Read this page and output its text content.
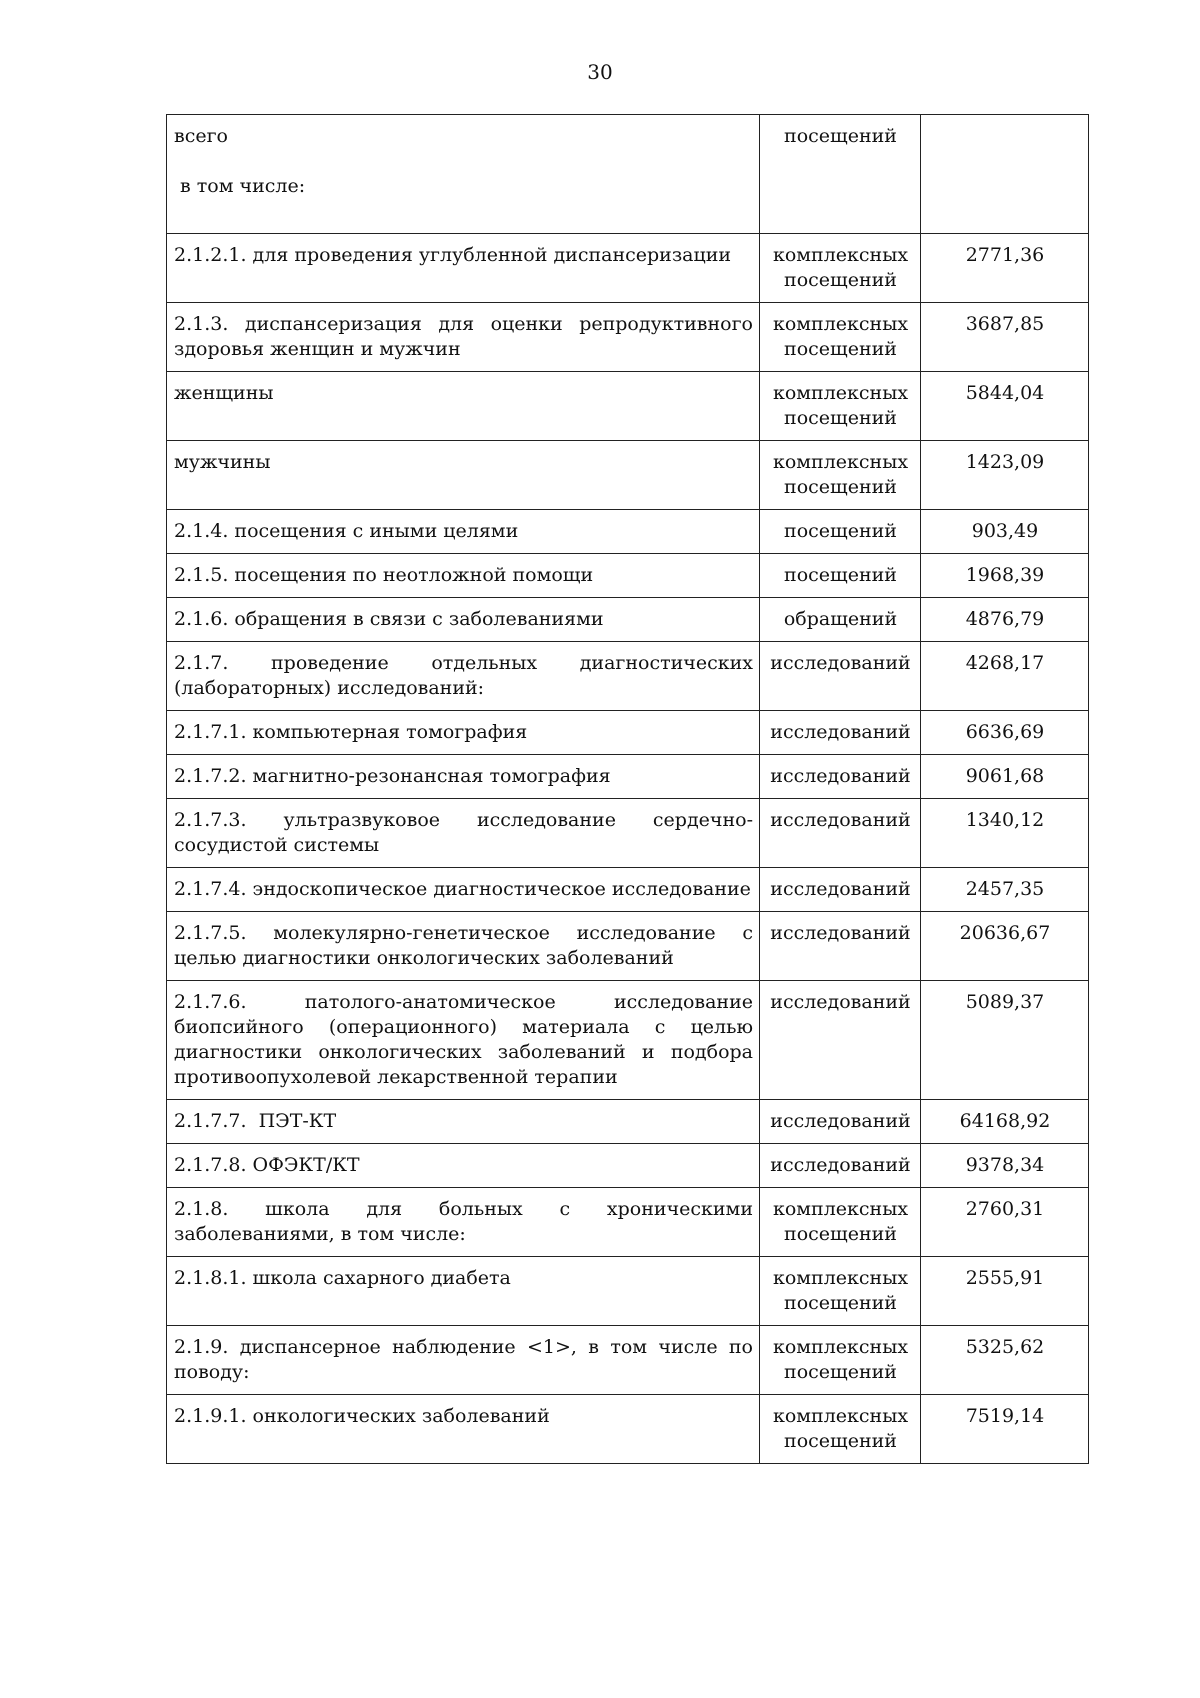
30
всего
в том числе:	посещений	
2.1.2.1. для проведения углубленной диспансеризации	комплексных посещений	2771,36
2.1.3. диспансеризация для оценки репродуктивного здоровья женщин и мужчин	комплексных посещений	3687,85
женщины	комплексных посещений	5844,04
мужчины	комплексных посещений	1423,09
2.1.4. посещения с иными целями	посещений	903,49
2.1.5. посещения по неотложной помощи	посещений	1968,39
2.1.6. обращения в связи с заболеваниями	обращений	4876,79
2.1.7. проведение отдельных диагностических (лабораторных) исследований:	исследований	4268,17
2.1.7.1. компьютерная томография	исследований	6636,69
2.1.7.2. магнитно-резонансная томография	исследований	9061,68
2.1.7.3. ультразвуковое исследование сердечно-сосудистой системы	исследований	1340,12
2.1.7.4. эндоскопическое диагностическое исследование	исследований	2457,35
2.1.7.5. молекулярно-генетическое исследование с целью диагностики онкологических заболеваний	исследований	20636,67
2.1.7.6. патолого-анатомическое исследование биопсийного (операционного) материала с целью диагностики онкологических заболеваний и подбора противоопухолевой лекарственной терапии	исследований	5089,37
2.1.7.7.  ПЭТ-КТ	исследований	64168,92
2.1.7.8. ОФЭКТ/КТ	исследований	9378,34
2.1.8. школа для больных с хроническими заболеваниями, в том числе:	комплексных посещений	2760,31
2.1.8.1. школа сахарного диабета	комплексных посещений	2555,91
2.1.9. диспансерное наблюдение <1>, в том числе по поводу:	комплексных посещений	5325,62
2.1.9.1. онкологических заболеваний	комплексных посещений	7519,14
